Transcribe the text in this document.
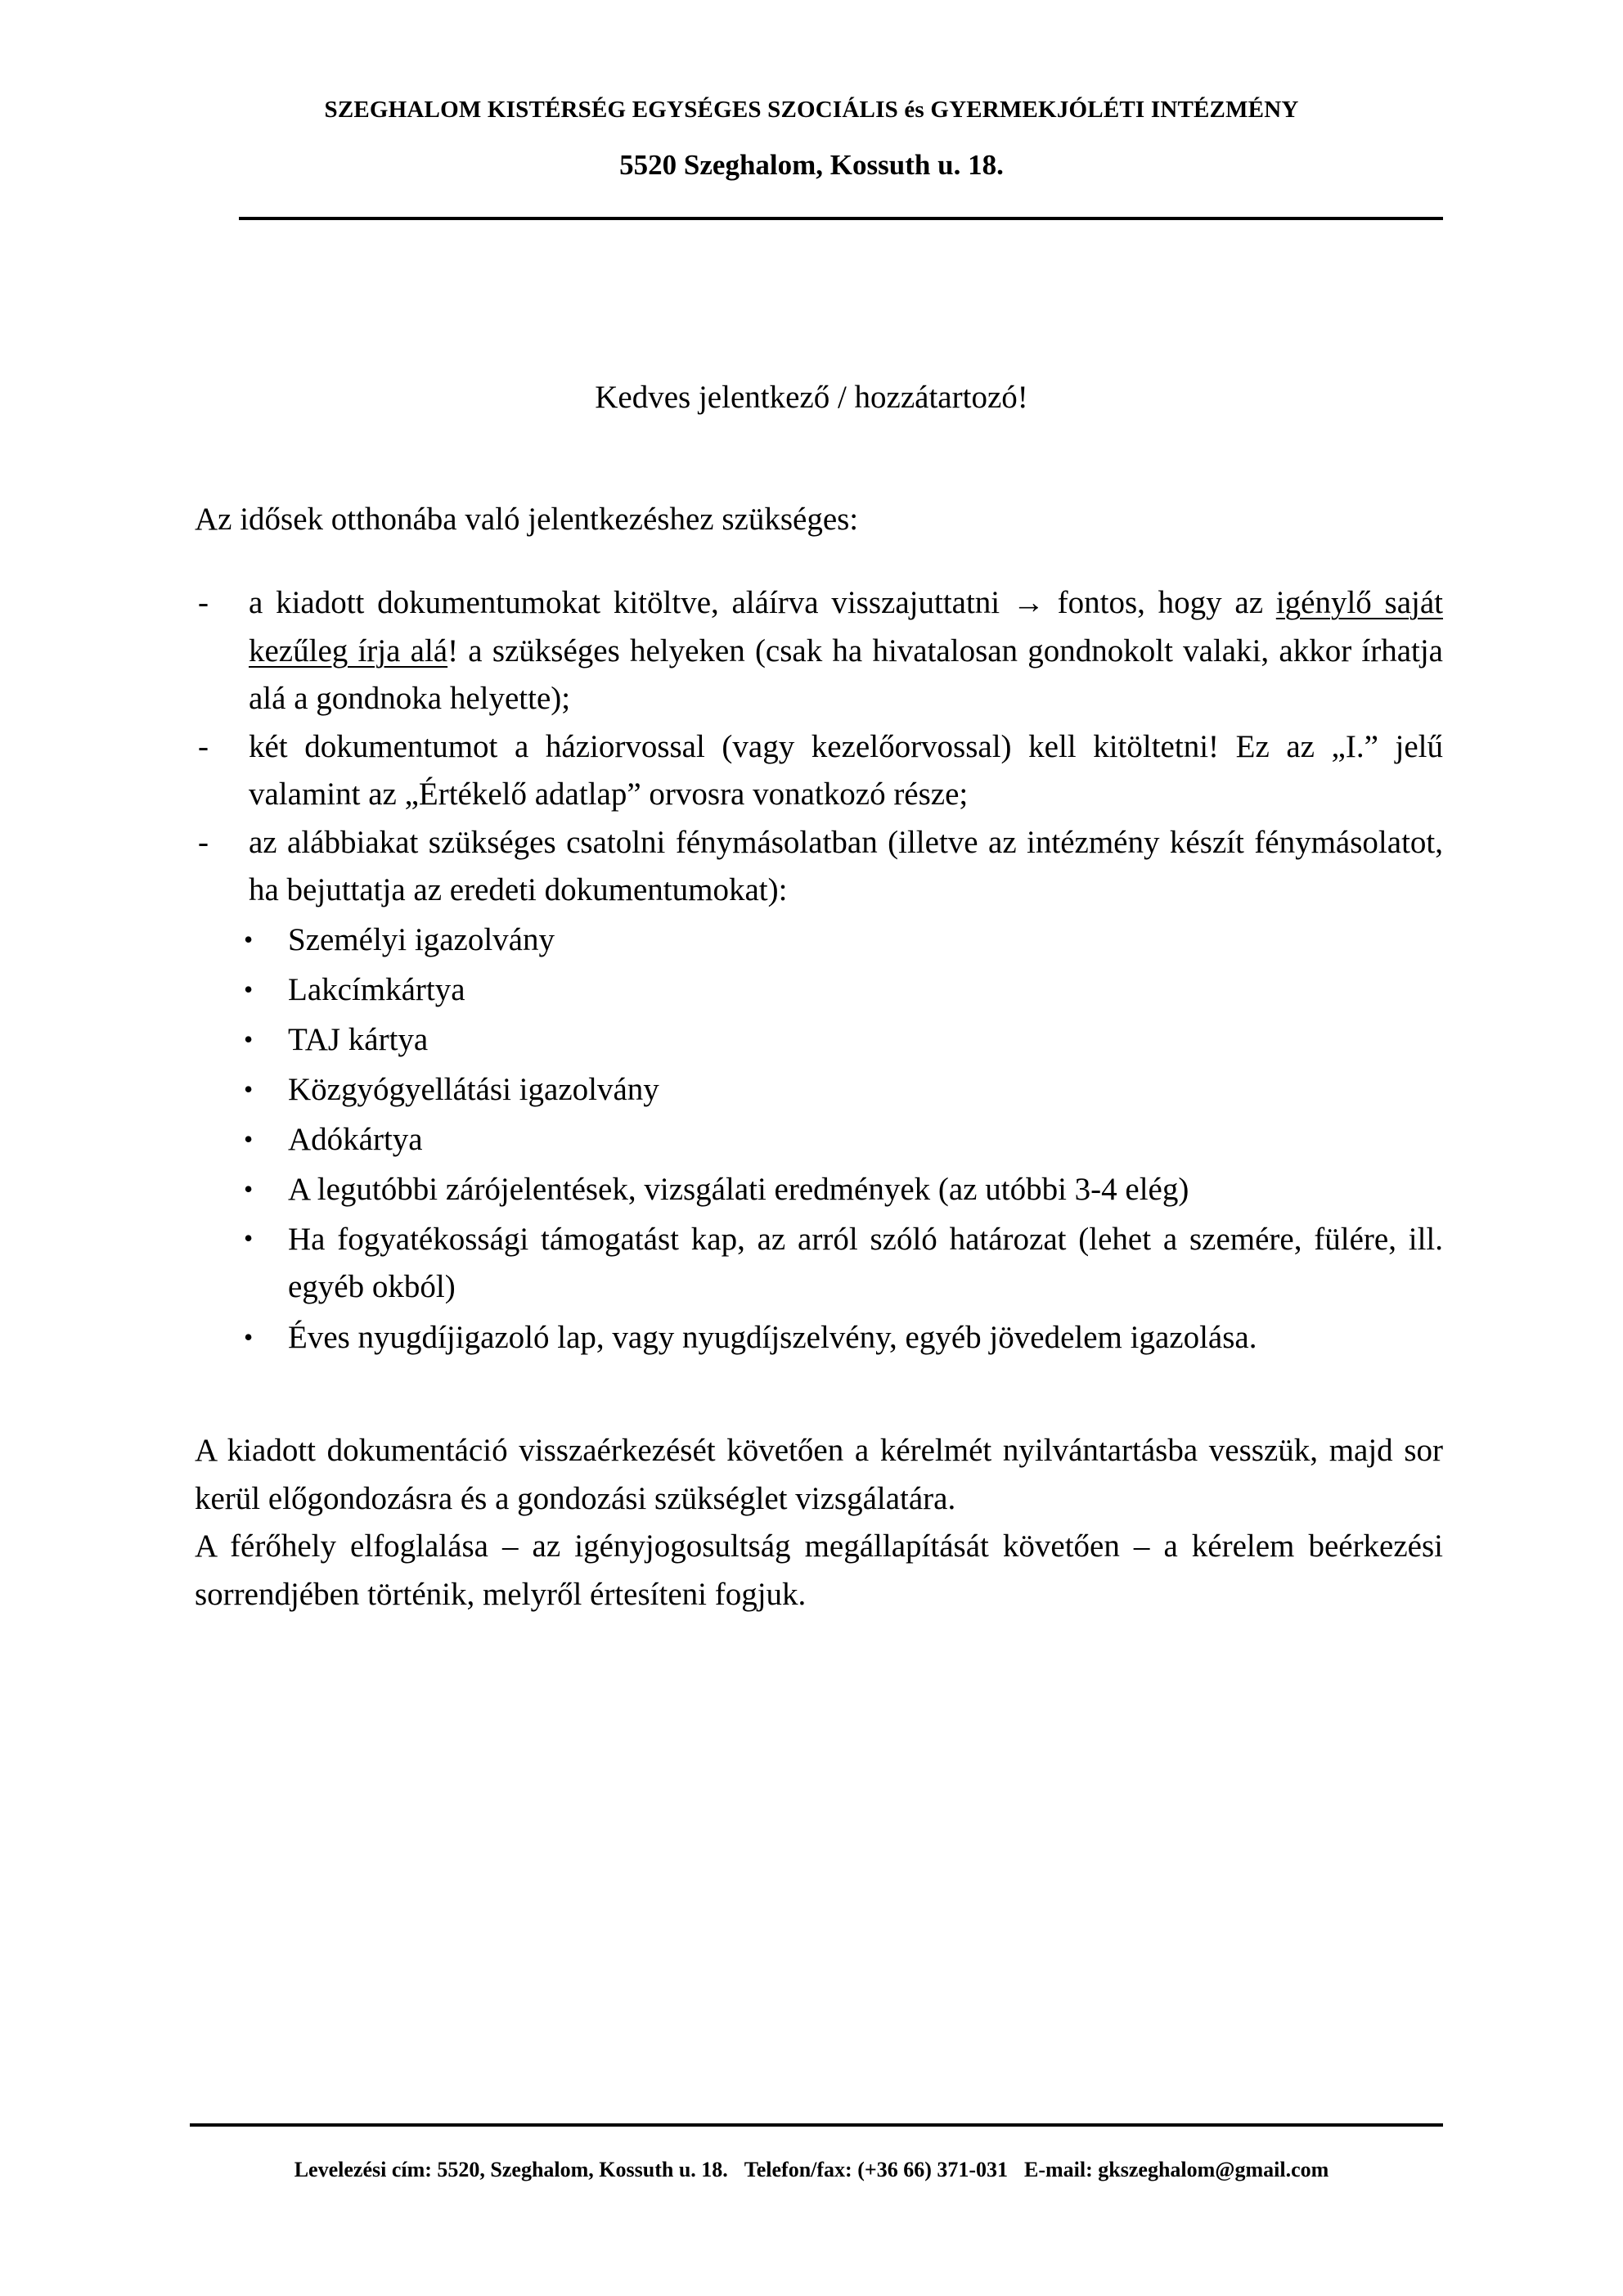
SZEGHALOM KISTÉRSÉG EGYSÉGES SZOCIÁLIS és GYERMEKJÓLÉTI INTÉZMÉNY
5520 Szeghalom, Kossuth u. 18.
Kedves jelentkező / hozzátartozó!
Az idősek otthonába való jelentkezéshez szükséges:
- a kiadott dokumentumokat kitöltve, aláírva visszajuttatni → fontos, hogy az igénylő saját kezűleg írja alá! a szükséges helyeken (csak ha hivatalosan gondnokolt valaki, akkor írhatja alá a gondnoka helyette);
- két dokumentumot a háziorvossal (vagy kezelőorvossal) kell kitöltetni! Ez az „I.” jelű valamint az „Értékelő adatlap” orvosra vonatkozó része;
- az alábbiakat szükséges csatolni fénymásolatban (illetve az intézmény készít fénymásolatot, ha bejuttatja az eredeti dokumentumokat):
• Személyi igazolvány
• Lakcímkártya
• TAJ kártya
• Közgyógyellátási igazolvány
• Adókártya
• A legutóbbi zárójelentések, vizsgálati eredmények (az utóbbi 3-4 elég)
• Ha fogyatékossági támogatást kap, az arról szóló határozat (lehet a szemére, fülére, ill. egyéb okból)
• Éves nyugdíjigazoló lap, vagy nyugdíjszelvény, egyéb jövedelem igazolása.

A kiadott dokumentáció visszaérkezését követően a kérelmét nyilvántartásba vesszük, majd sor kerül előgondozásra és a gondozási szükséglet vizsgálatára.

A férőhely elfoglalása – az igényjogosultság megállapítását követően – a kérelem beérkezési sorrendjében történik, melyről értesíteni fogjuk.

Levelezési cím: 5520, Szeghalom, Kossuth u. 18. Telefon/fax: (+36 66) 371-031 E-mail: gkszeghalom@gmail.com
